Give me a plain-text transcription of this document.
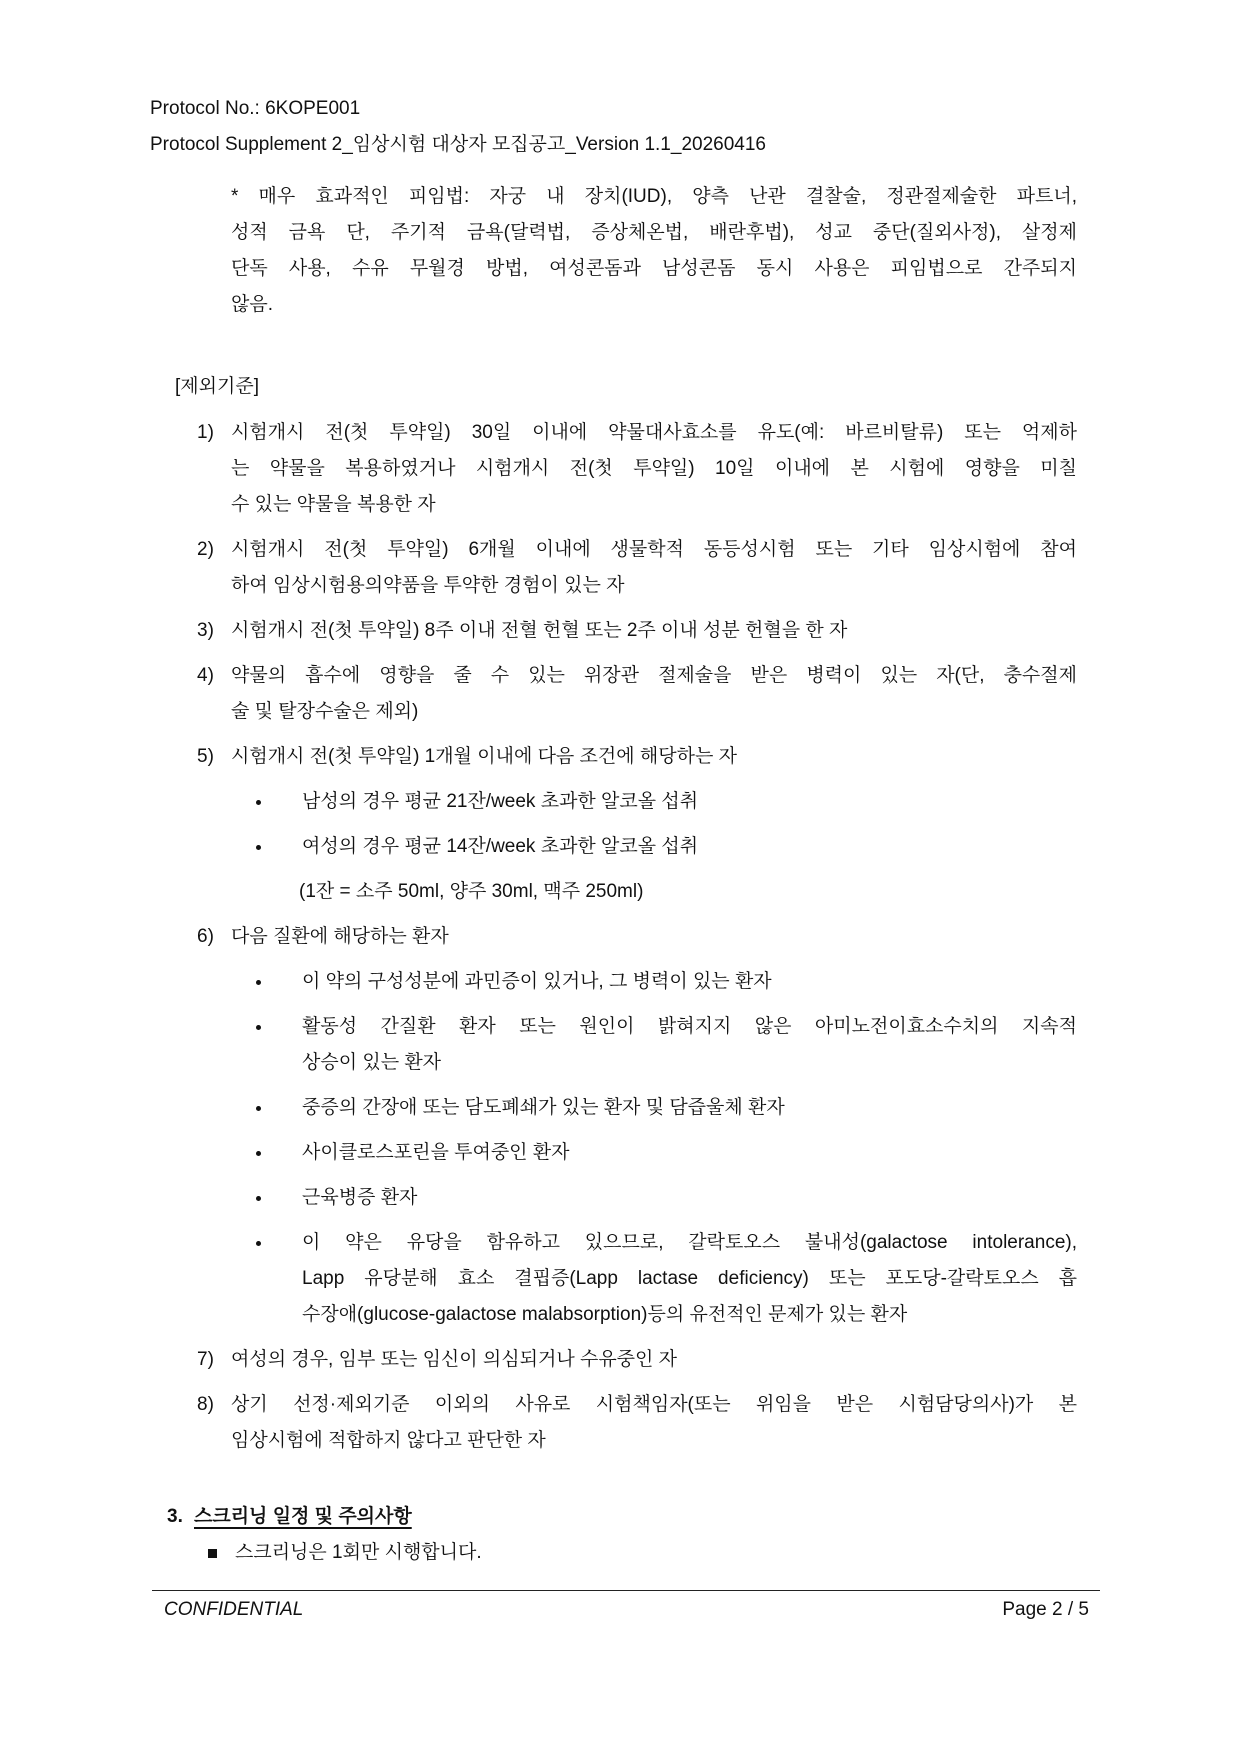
Protocol No.: 6KOPE001
Protocol Supplement 2_임상시험 대상자 모집공고_Version 1.1_20260416
* 매우 효과적인 피임법: 자궁 내 장치(IUD), 양측 난관 결찰술, 정관절제술한 파트너,
성적 금욕 단, 주기적 금욕(달력법, 증상체온법, 배란후법), 성교 중단(질외사정), 살정제
단독 사용, 수유 무월경 방법, 여성콘돔과 남성콘돔 동시 사용은 피임법으로 간주되지
않음.
[제외기준]
1) 시험개시 전(첫 투약일) 30일 이내에 약물대사효소를 유도(예: 바르비탈류) 또는 억제하
는 약물을 복용하였거나 시험개시 전(첫 투약일) 10일 이내에 본 시험에 영향을 미칠
수 있는 약물을 복용한 자
2) 시험개시 전(첫 투약일) 6개월 이내에 생물학적 동등성시험 또는 기타 임상시험에 참여
하여 임상시험용의약품을 투약한 경험이 있는 자
3) 시험개시 전(첫 투약일) 8주 이내 전혈 헌혈 또는 2주 이내 성분 헌혈을 한 자
4) 약물의 흡수에 영향을 줄 수 있는 위장관 절제술을 받은 병력이 있는 자(단, 충수절제
술 및 탈장수술은 제외)
5) 시험개시 전(첫 투약일) 1개월 이내에 다음 조건에 해당하는 자
남성의 경우 평균 21잔/week 초과한 알코올 섭취
여성의 경우 평균 14잔/week 초과한 알코올 섭취
(1잔 = 소주 50ml, 양주 30ml, 맥주 250ml)
6) 다음 질환에 해당하는 환자
이 약의 구성성분에 과민증이 있거나, 그 병력이 있는 환자
활동성 간질환 환자 또는 원인이 밝혀지지 않은 아미노전이효소수치의 지속적
상승이 있는 환자
중증의 간장애 또는 담도폐쇄가 있는 환자 및 담즙울체 환자
사이클로스포린을 투여중인 환자
근육병증 환자
이 약은 유당을 함유하고 있으므로, 갈락토오스 불내성(galactose intolerance),
Lapp 유당분해 효소 결핍증(Lapp lactase deficiency) 또는 포도당-갈락토오스 흡
수장애(glucose-galactose malabsorption)등의 유전적인 문제가 있는 환자
7) 여성의 경우, 임부 또는 임신이 의심되거나 수유중인 자
8) 상기 선정·제외기준 이외의 사유로 시험책임자(또는 위임을 받은 시험담당의사)가 본
임상시험에 적합하지 않다고 판단한 자
3. 스크리닝 일정 및 주의사항
스크리닝은 1회만 시행합니다.
CONFIDENTIAL	Page 2 / 5
